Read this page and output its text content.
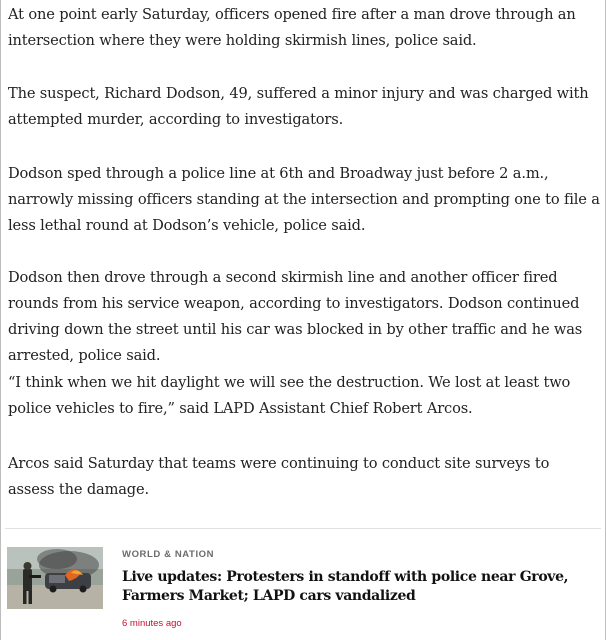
At one point early Saturday, officers opened fire after a man drove through an intersection where they were holding skirmish lines, police said.

The suspect, Richard Dodson, 49, suffered a minor injury and was charged with attempted murder, according to investigators.

Dodson sped through a police line at 6th and Broadway just before 2 a.m., narrowly missing officers standing at the intersection and prompting one to file a less lethal round at Dodson’s vehicle, police said.

Dodson then drove through a second skirmish line and another officer fired rounds from his service weapon, according to investigators. Dodson continued driving down the street until his car was blocked in by other traffic and he was arrested, police said.

“I think when we hit daylight we will see the destruction. We lost at least two police vehicles to fire,” said LAPD Assistant Chief Robert Arcos.

Arcos said Saturday that teams were continuing to conduct site surveys to assess the damage.

WORLD & NATION

Live updates: Protesters in standoff with police near Grove, Farmers Market; LAPD cars vandalized

6 minutes ago
